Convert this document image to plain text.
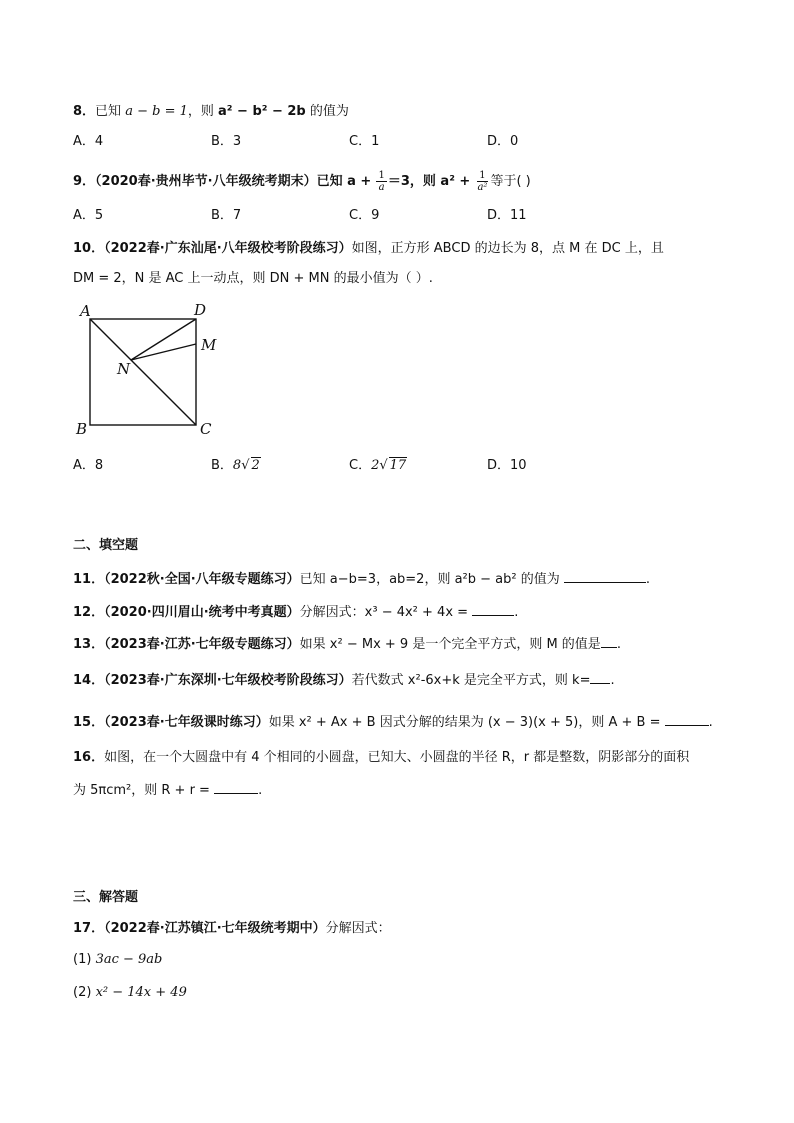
8．已知 a − b = 1，则 a² − b² − 2b 的值为
A．4	B．3	C．1	D．0
9．（2020春·贵州毕节·八年级统考期末）已知 $a + \frac{1}{a} =3$，则 $a^2 + \frac{1}{\text{a²}}$ 等于( )
A．5	B．7	C．9	D．11
10．（2022春·广东汕尾·八年级校考阶段练习）如图，正方形 ABCD 的边长为 8，点 M 在 DC 上，且
DM = 2，N 是 AC 上一动点，则 DN + MN 的最小值为（ ）.
A	D
M
N
B	C
A．8	B．8√ 2	C．2√ 17	D．10
二、填空题
11．（2022秋·全国·八年级专题练习）已知 a−b=3，ab=2，则 a²b − ab² 的值为	.
12．（2020·四川眉山·统考中考真题）分解因式：x³ − 4x² + 4x =	.
13．（2023春·江苏·七年级专题练习）如果 x² − Mx + 9 是一个完全平方式，则 M 的值是 .
14．（2023春·广东深圳·七年级校考阶段练习）若代数式 x²-6x+k 是完全平方式，则 k= .
15．（2023春·七年级课时练习）如果 x² + Ax + B 因式分解的结果为 (x − 3)(x + 5)，则 A + B =	.
16．如图，在一个大圆盘中有 4 个相同的小圆盘，已知大、小圆盘的半径 R，r 都是整数，阴影部分的面积
为 5πcm²，则 R + r =	.
三、解答题
17．（2022春·江苏镇江·七年级统考期中）分解因式：
(1) 3ac − 9ab
(2) x² − 14x + 49
